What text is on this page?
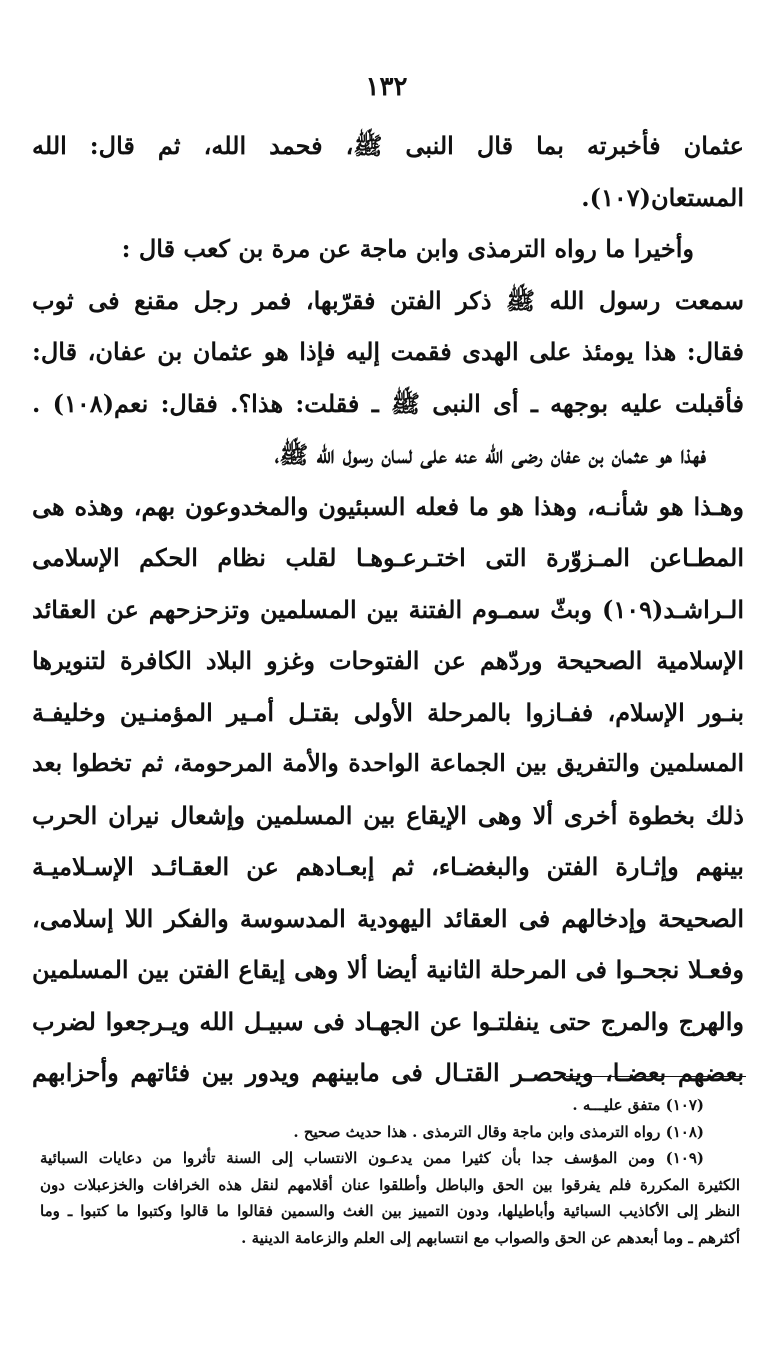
١٣٢
عثمان فأخبرته بما قال النبى ﷺ، فحمد الله، ثم قال: الله
المستعان(١٠٧).
وأخيرا ما رواه الترمذى وابن ماجة عن مرة بن كعب قال :
سمعت رسول الله ﷺ ذكر الفتن فقرّبها، فمر رجل مقنع فى ثوب
فقال: هذا يومئذ على الهدى فقمت إليه فإذا هو عثمان بن عفان، قال:
فأقبلت عليه بوجهه ـ أى النبى ﷺ ـ فقلت: هذا؟. فقال: نعم(١٠٨) .
فهذا هو عثمان بن عفان رضى الله عنه على لسان رسول الله ﷺ،
وهـذا هو شأنـه، وهذا هو ما فعله السبئيون والمخدوعون بهم، وهذه هى
المطـاعن المـزوّرة التى اختـرعـوهـا لقلب نظام الحكم الإسلامى
الـراشـد(١٠٩) وبثّ سمـوم الفتنة بين المسلمين وتزحزحهم عن العقائد
الإسلامية الصحيحة وردّهم عن الفتوحات وغزو البلاد الكافرة لتنويرها
بنـور الإسلام، ففـازوا بالمرحلة الأولى بقتـل أمـير المؤمنـين وخليفـة
المسلمين والتفريق بين الجماعة الواحدة والأمة المرحومة، ثم تخطوا بعد
ذلك بخطوة أخرى ألا وهى الإيقاع بين المسلمين وإشعال نيران الحرب
بينهم وإثـارة الفتن والبغضـاء، ثم إبعـادهم عن العقـائـد الإسـلاميـة
الصحيحة وإدخالهم فى العقائد اليهودية المدسوسة والفكر اللا إسلامى،
وفعـلا نجحـوا فى المرحلة الثانية أيضا ألا وهى إيقاع الفتن بين المسلمين
والهرج والمرج حتى ينفلتـوا عن الجهـاد فى سبيـل الله ويـرجعوا لضرب
بعضهم بعضـا، وينحصـر القتـال فى مابينهم ويدور بين فئاتهم وأحزابهم
(١٠٧) متفق عليـــه .
(١٠٨) رواه الترمذى وابن ماجة وقال الترمذى . هذا حديث صحيح .
(١٠٩) ومن المؤسف جدا بأن كثيرا ممن يدعـون الانتساب إلى السنة تأثروا من دعايات السبائية
الكثيرة المكررة فلم يفرقوا بين الحق والباطل وأطلقوا عنان أقلامهم لنقل هذه الخرافات والخزعبلات دون
النظر إلى الأكاذيب السبائية وأباطيلها، ودون التمييز بين الغث والسمين فقالوا ما قالوا وكتبوا ما كتبوا ـ وما
أكثرهم ـ وما أبعدهم عن الحق والصواب مع انتسابهم إلى العلم والزعامة الدينية .
